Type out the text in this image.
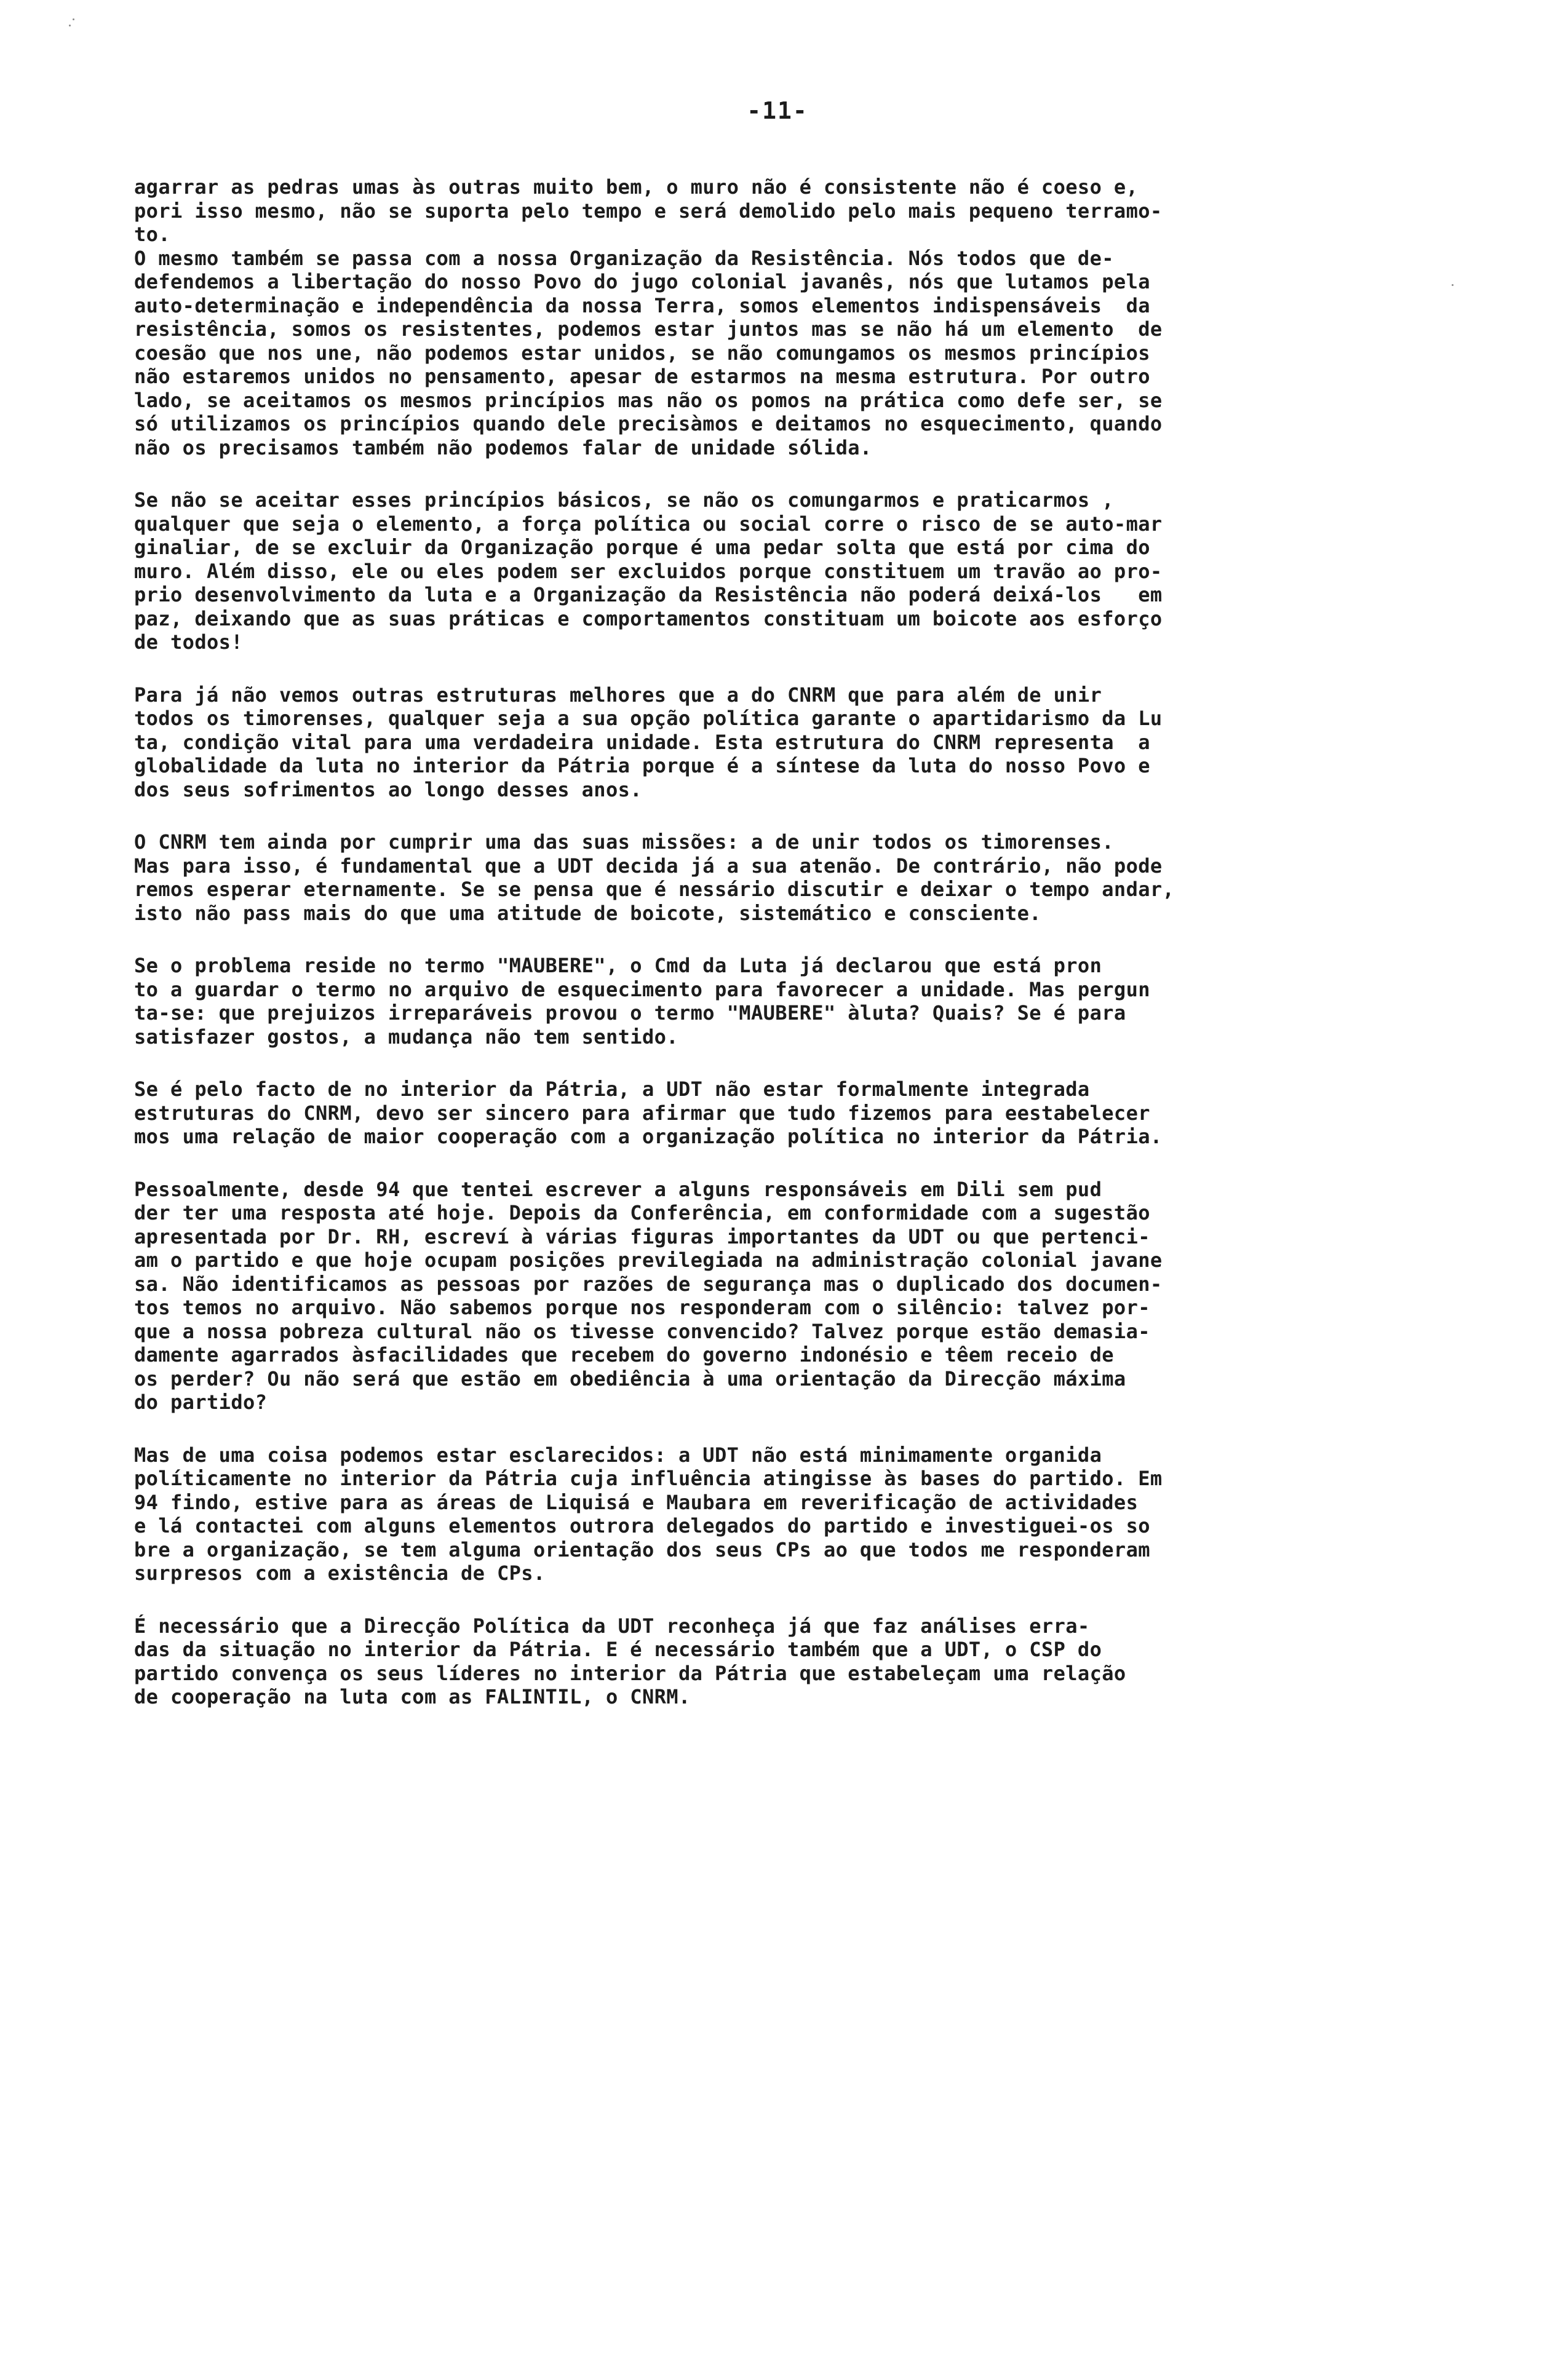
-11-

agarrar as pedras umas às outras muito bem, o muro não é consistente não é coeso e,
pori isso mesmo, não se suporta pelo tempo e será demolido pelo mais pequeno terramo-
to.

O mesmo também se passa com a nossa Organização da Resistência. Nós todos que de-
defendemos a libertação do nosso Povo do jugo colonial javanês, nós que lutamos pela
auto-determinação e independência da nossa Terra, somos elementos indispensáveis  da
resistência, somos os resistentes, podemos estar juntos mas se não há um elemento  de
coesão que nos une, não podemos estar unidos, se não comungamos os mesmos princípios
não estaremos unidos no pensamento, apesar de estarmos na mesma estrutura. Por outro
lado, se aceitamos os mesmos princípios mas não os pomos na prática como defe ser, se
só utilizamos os princípios quando dele precisàmos e deitamos no esquecimento, quando
não os precisamos também não podemos falar de unidade sólida.

Se não se aceitar esses princípios básicos, se não os comungarmos e praticarmos ,
qualquer que seja o elemento, a força política ou social corre o risco de se auto-mar
ginaliar, de se excluir da Organização porque é uma pedar solta que está por cima do
muro. Além disso, ele ou eles podem ser excluidos porque constituem um travão ao pro-
prio desenvolvimento da luta e a Organização da Resistência não poderá deixá-los   em
paz, deixando que as suas práticas e comportamentos constituam um boicote aos esforço
de todos!

Para já não vemos outras estruturas melhores que a do CNRM que para além de unir
todos os timorenses, qualquer seja a sua opção política garante o apartidarismo da Lu
ta, condição vital para uma verdadeira unidade. Esta estrutura do CNRM representa  a
globalidade da luta no interior da Pátria porque é a síntese da luta do nosso Povo e
dos seus sofrimentos ao longo desses anos.

O CNRM tem ainda por cumprir uma das suas missões: a de unir todos os timorenses.
Mas para isso, é fundamental que a UDT decida já a sua atenão. De contrário, não pode
remos esperar eternamente. Se se pensa que é nessário discutir e deixar o tempo andar,
isto não pass mais do que uma atitude de boicote, sistemático e consciente.

Se o problema reside no termo "MAUBERE", o Cmd da Luta já declarou que está pron
to a guardar o termo no arquivo de esquecimento para favorecer a unidade. Mas pergun
ta-se: que prejuizos irreparáveis provou o termo "MAUBERE" àluta? Quais? Se é para
satisfazer gostos, a mudança não tem sentido.

Se é pelo facto de no interior da Pátria, a UDT não estar formalmente integrada
estruturas do CNRM, devo ser sincero para afirmar que tudo fizemos para eestabelecer
mos uma relação de maior cooperação com a organização política no interior da Pátria.

Pessoalmente, desde 94 que tentei escrever a alguns responsáveis em Dili sem pud
der ter uma resposta até hoje. Depois da Conferência, em conformidade com a sugestão
apresentada por Dr. RH, escreví à várias figuras importantes da UDT ou que pertenci-
am o partido e que hoje ocupam posições previlegiada na administração colonial javane
sa. Não identificamos as pessoas por razões de segurança mas o duplicado dos documen-
tos temos no arquivo. Não sabemos porque nos responderam com o silêncio: talvez por-
que a nossa pobreza cultural não os tivesse convencido? Talvez porque estão demasia-
damente agarrados àsfacilidades que recebem do governo indonésio e têem receio de
os perder? Ou não será que estão em obediência à uma orientação da Direcção máxima
do partido?

Mas de uma coisa podemos estar esclarecidos: a UDT não está minimamente organida
políticamente no interior da Pátria cuja influência atingisse às bases do partido. Em
94 findo, estive para as áreas de Liquisá e Maubara em reverificação de actividades
e lá contactei com alguns elementos outrora delegados do partido e investiguei-os so
bre a organização, se tem alguma orientação dos seus CPs ao que todos me responderam
surpresos com a existência de CPs.

É necessário que a Direcção Política da UDT reconheça já que faz análises erra-
das da situação no interior da Pátria. E é necessário também que a UDT, o CSP do
partido convença os seus líderes no interior da Pátria que estabeleçam uma relação
de cooperação na luta com as FALINTIL, o CNRM.
